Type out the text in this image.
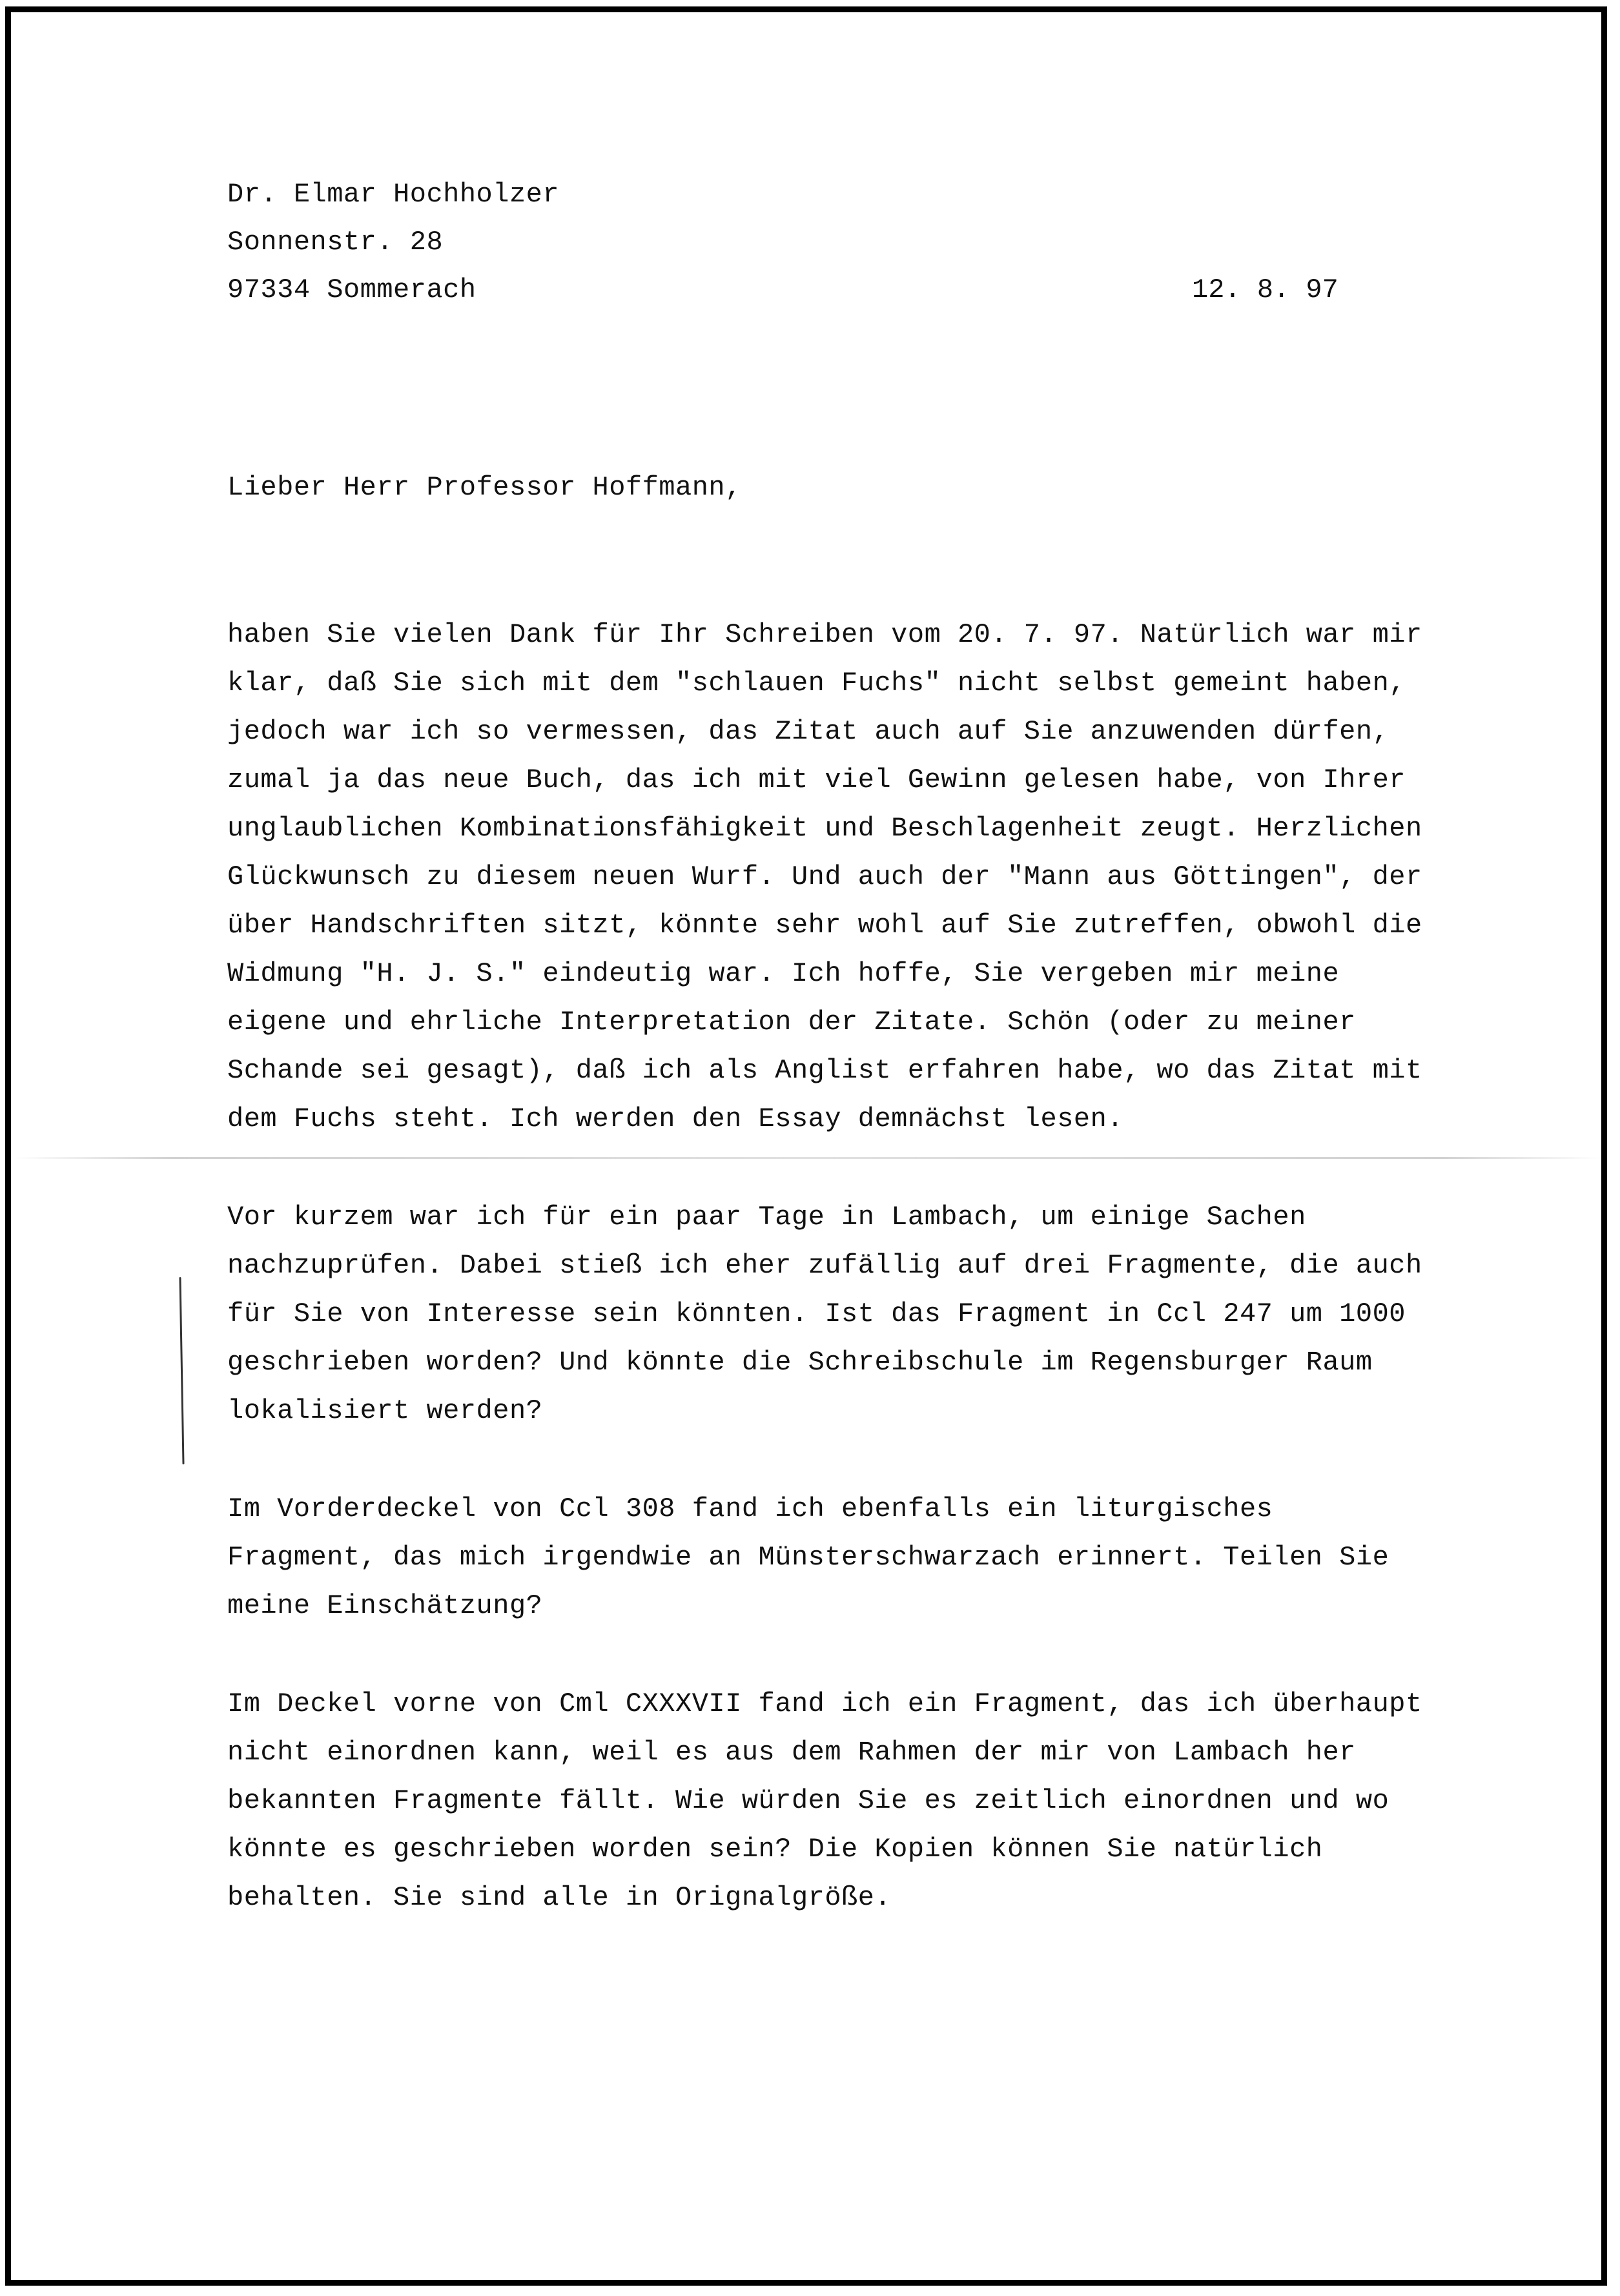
Dr. Elmar Hochholzer
Sonnenstr. 28
97334 Sommerach	12. 8. 97
Lieber Herr Professor Hoffmann,
haben Sie vielen Dank für Ihr Schreiben vom 20. 7. 97. Natürlich war mir
klar, daß Sie sich mit dem "schlauen Fuchs" nicht selbst gemeint haben,
jedoch war ich so vermessen, das Zitat auch auf Sie anzuwenden dürfen,
zumal ja das neue Buch, das ich mit viel Gewinn gelesen habe, von Ihrer
unglaublichen Kombinationsfähigkeit und Beschlagenheit zeugt. Herzlichen
Glückwunsch zu diesem neuen Wurf. Und auch der "Mann aus Göttingen", der
über Handschriften sitzt, könnte sehr wohl auf Sie zutreffen, obwohl die
Widmung "H. J. S." eindeutig war. Ich hoffe, Sie vergeben mir meine
eigene und ehrliche Interpretation der Zitate. Schön (oder zu meiner
Schande sei gesagt), daß ich als Anglist erfahren habe, wo das Zitat mit
dem Fuchs steht. Ich werden den Essay demnächst lesen.
Vor kurzem war ich für ein paar Tage in Lambach, um einige Sachen
nachzuprüfen. Dabei stieß ich eher zufällig auf drei Fragmente, die auch
für Sie von Interesse sein könnten. Ist das Fragment in Ccl 247 um 1000
geschrieben worden? Und könnte die Schreibschule im Regensburger Raum
lokalisiert werden?
Im Vorderdeckel von Ccl 308 fand ich ebenfalls ein liturgisches
Fragment, das mich irgendwie an Münsterschwarzach erinnert. Teilen Sie
meine Einschätzung?
Im Deckel vorne von Cml CXXXVII fand ich ein Fragment, das ich überhaupt
nicht einordnen kann, weil es aus dem Rahmen der mir von Lambach her
bekannten Fragmente fällt. Wie würden Sie es zeitlich einordnen und wo
könnte es geschrieben worden sein? Die Kopien können Sie natürlich
behalten. Sie sind alle in Orignalgröße.
